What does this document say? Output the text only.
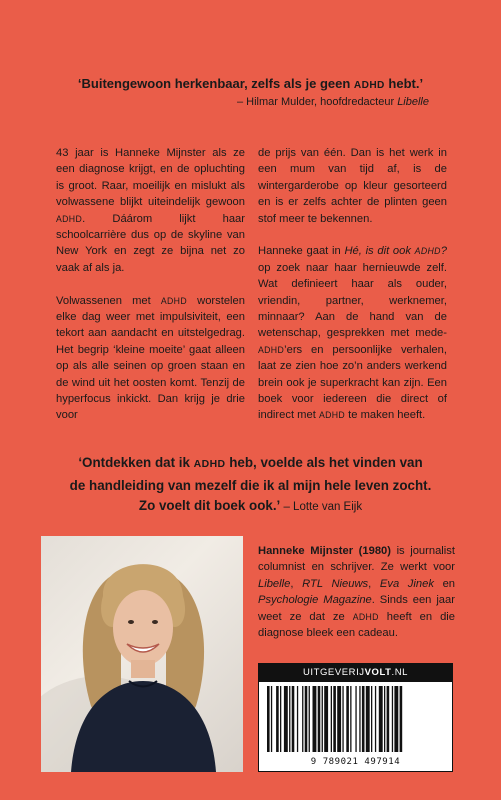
‘Buitengewoon herkenbaar, zelfs als je geen ADHD hebt.’
– Hilmar Mulder, hoofdredacteur Libelle

43 jaar is Hanneke Mijnster als ze een diagnose krijgt, en de opluchting is groot. Raar, moeilijk en mislukt als volwassene blijkt uiteindelijk gewoon ADHD. Dáárom lijkt haar schoolcarrière dus op de skyline van New York en zegt ze bijna net zo vaak af als ja.

Volwassenen met ADHD worstelen elke dag weer met impulsiviteit, een tekort aan aandacht en uitstelgedrag. Het begrip ‘kleine moeite’ gaat alleen op als alle seinen op groen staan en de wind uit het oosten komt. Tenzij de hyperfocus inkickt. Dan krijg je drie voor

de prijs van één. Dan is het werk in een mum van tijd af, is de wintergarderobe op kleur gesorteerd en is er zelfs achter de plinten geen stof meer te bekennen.

Hanneke gaat in Hé, is dit ook ADHD? op zoek naar haar hernieuwde zelf. Wat definieert haar als ouder, vriendin, partner, werknemer, minnaar? Aan de hand van de wetenschap, gesprekken met mede-ADHD’ers en persoonlijke verhalen, laat ze zien hoe zo’n anders werkend brein ook je superkracht kan zijn. Een boek voor iedereen die direct of indirect met ADHD te maken heeft.

‘Ontdekken dat ik ADHD heb, voelde als het vinden van
de handleiding van mezelf die ik al mijn hele leven zocht.
Zo voelt dit boek ook.’ – Lotte van Eijk

Hanneke Mijnster (1980) is journalist columnist en schrijver. Ze werkt voor Libelle, RTL Nieuws, Eva Jinek en Psychologie Magazine. Sinds een jaar weet ze dat ze ADHD heeft en die diagnose bleek een cadeau.

UITGEVERIJVOLT.NL
9 789021 497914
